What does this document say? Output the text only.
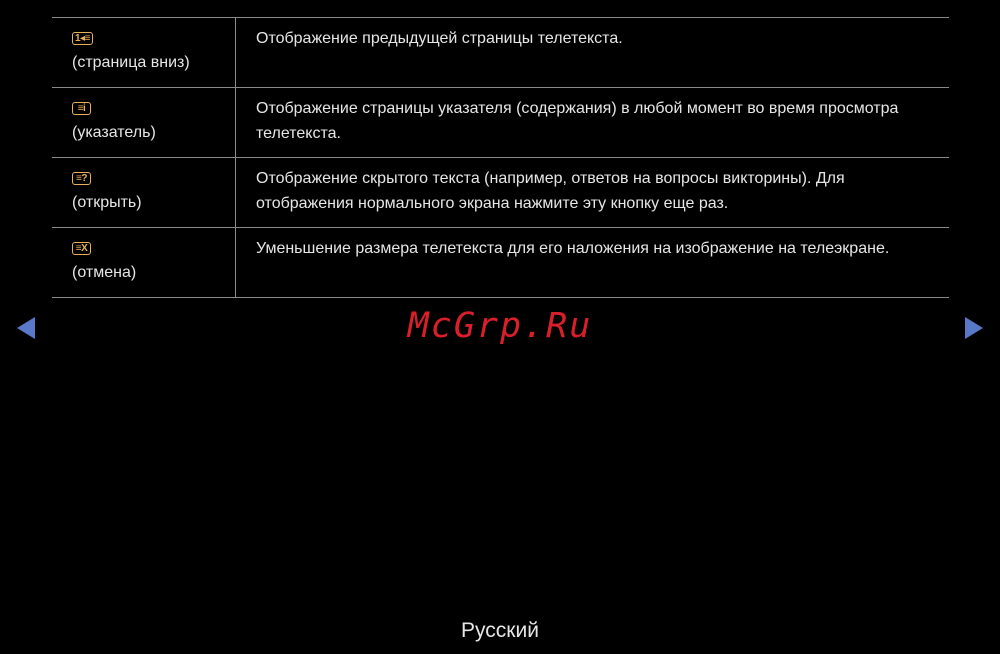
1◂≡
(страница вниз)
Отображение предыдущей страницы телетекста.
≡i
(указатель)
Отображение страницы указателя (содержания) в любой момент во время просмотра телетекста.
≡?
(открыть)
Отображение скрытого текста (например, ответов на вопросы викторины). Для отображения нормального экрана нажмите эту кнопку еще раз.
≡X
(отмена)
Уменьшение размера телетекста для его наложения на изображение на телеэкране.
McGrp.Ru
Русский
